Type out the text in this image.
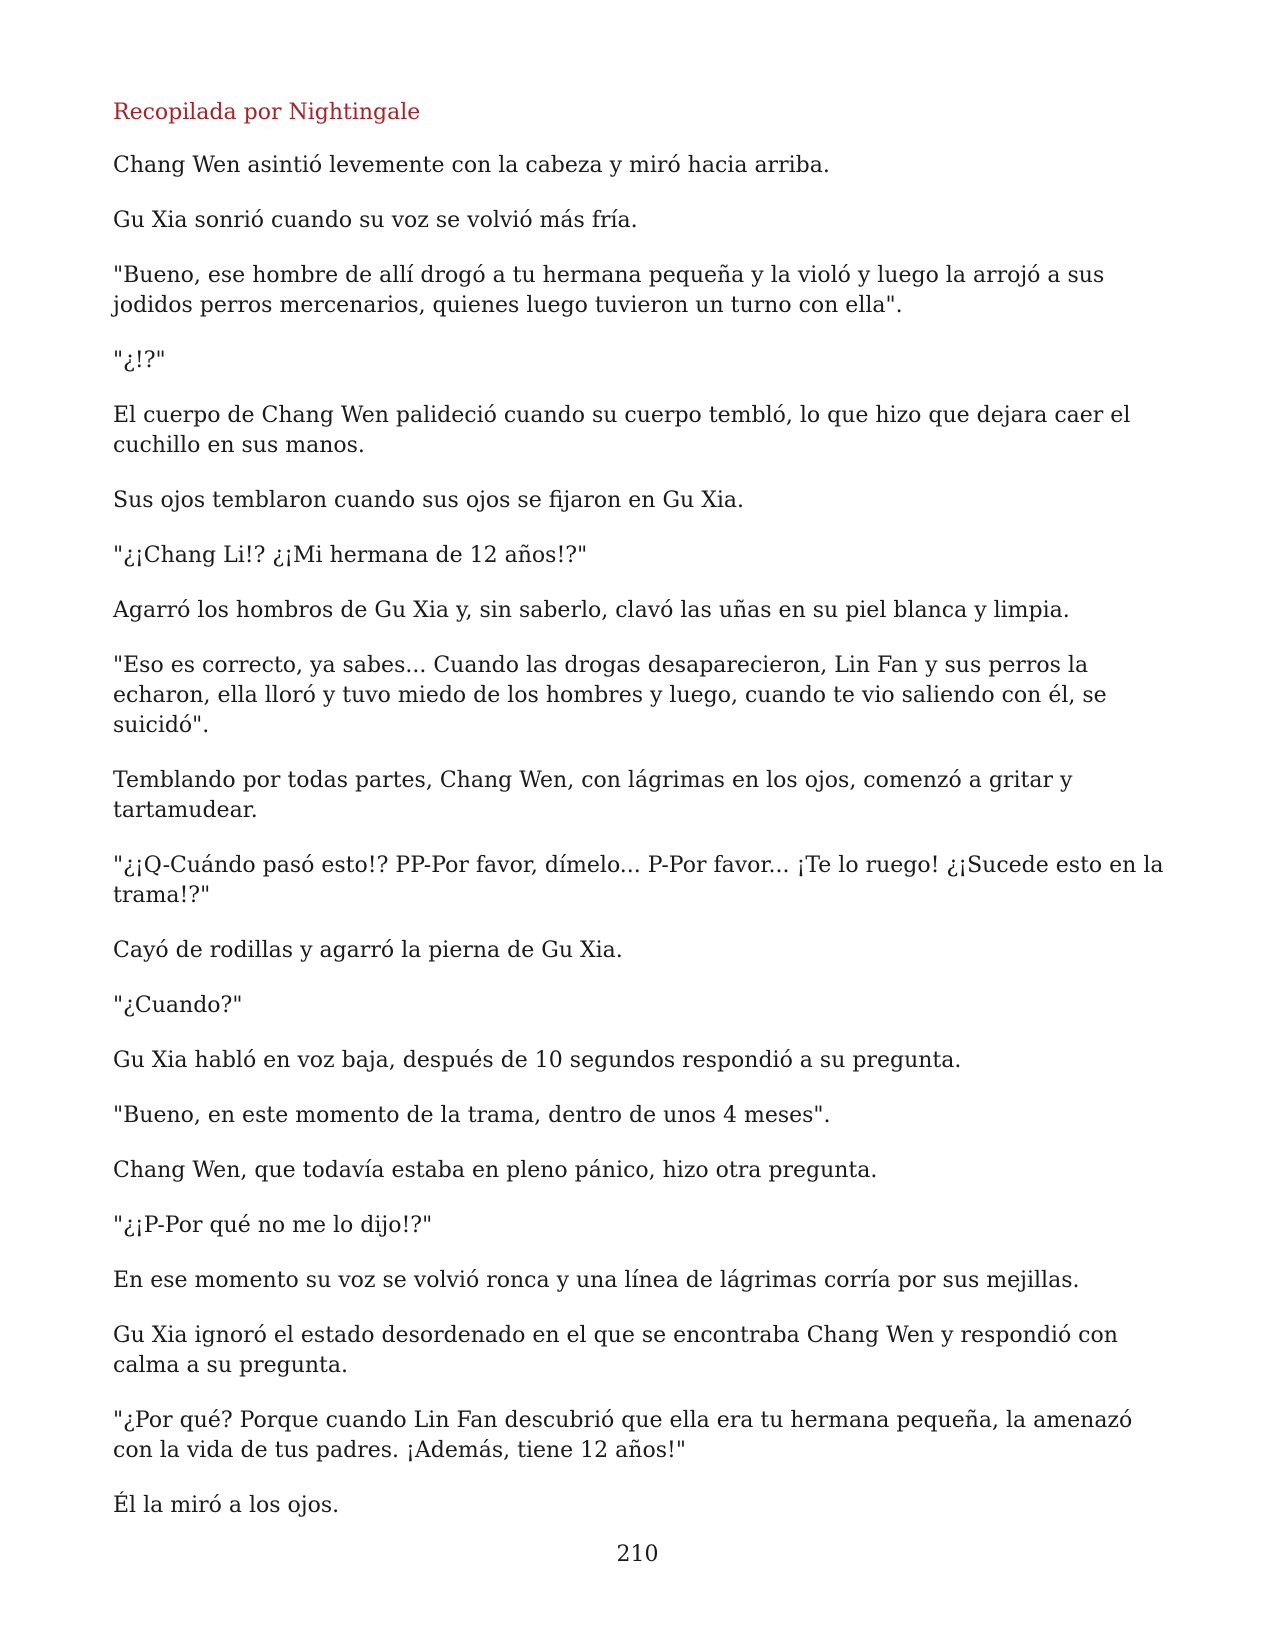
Recopilada por Nightingale

Chang Wen asintió levemente con la cabeza y miró hacia arriba.

Gu Xia sonrió cuando su voz se volvió más fría.

"Bueno, ese hombre de allí drogó a tu hermana pequeña y la violó y luego la arrojó a sus jodidos perros mercenarios, quienes luego tuvieron un turno con ella".

"¿!?"

El cuerpo de Chang Wen palideció cuando su cuerpo tembló, lo que hizo que dejara caer el cuchillo en sus manos.

Sus ojos temblaron cuando sus ojos se fijaron en Gu Xia.

"¿¡Chang Li!? ¿¡Mi hermana de 12 años!?"

Agarró los hombros de Gu Xia y, sin saberlo, clavó las uñas en su piel blanca y limpia.

"Eso es correcto, ya sabes... Cuando las drogas desaparecieron, Lin Fan y sus perros la echaron, ella lloró y tuvo miedo de los hombres y luego, cuando te vio saliendo con él, se suicidó".

Temblando por todas partes, Chang Wen, con lágrimas en los ojos, comenzó a gritar y tartamudear.

"¿¡Q-Cuándo pasó esto!? PP-Por favor, dímelo... P-Por favor... ¡Te lo ruego! ¿¡Sucede esto en la trama!?"

Cayó de rodillas y agarró la pierna de Gu Xia.

"¿Cuando?"

Gu Xia habló en voz baja, después de 10 segundos respondió a su pregunta.

"Bueno, en este momento de la trama, dentro de unos 4 meses".

Chang Wen, que todavía estaba en pleno pánico, hizo otra pregunta.

"¿¡P-Por qué no me lo dijo!?"

En ese momento su voz se volvió ronca y una línea de lágrimas corría por sus mejillas.

Gu Xia ignoró el estado desordenado en el que se encontraba Chang Wen y respondió con calma a su pregunta.

"¿Por qué? Porque cuando Lin Fan descubrió que ella era tu hermana pequeña, la amenazó con la vida de tus padres. ¡Además, tiene 12 años!"

Él la miró a los ojos.

210
